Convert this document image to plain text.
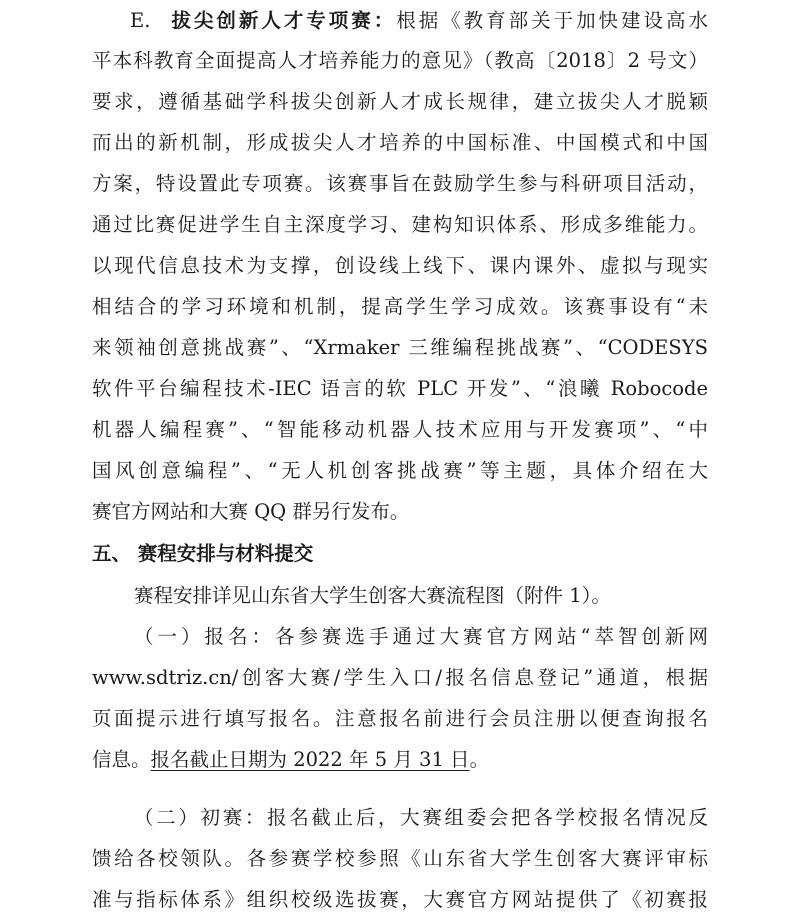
E. 拔尖创新人才专项赛：根据《教育部关于加快建设高水
平本科教育全面提高人才培养能力的意见》（教高〔2018〕2 号文）
要求，遵循基础学科拔尖创新人才成长规律，建立拔尖人才脱颖
而出的新机制，形成拔尖人才培养的中国标准、中国模式和中国
方案，特设置此专项赛。该赛事旨在鼓励学生参与科研项目活动，
通过比赛促进学生自主深度学习、建构知识体系、形成多维能力。
以现代信息技术为支撑，创设线上线下、课内课外、虚拟与现实
相结合的学习环境和机制，提高学生学习成效。该赛事设有“未
来领袖创意挑战赛”、“Xrmaker 三维编程挑战赛”、“CODESYS
软件平台编程技术-IEC 语言的软 PLC 开发”、“浪曦 Robocode
机器人编程赛”、“智能移动机器人技术应用与开发赛项”、“中
国风创意编程”、“无人机创客挑战赛”等主题，具体介绍在大
赛官方网站和大赛 QQ 群另行发布。
五、 赛程安排与材料提交
赛程安排详见山东省大学生创客大赛流程图（附件 1）。
（一）报名：各参赛选手通过大赛官方网站“萃智创新网
www.sdtriz.cn/创客大赛/学生入口/报名信息登记”通道，根据
页面提示进行填写报名。注意报名前进行会员注册以便查询报名
信息。报名截止日期为 2022 年 5 月 31 日。
（二）初赛：报名截止后，大赛组委会把各学校报名情况反
馈给各校领队。各参赛学校参照《山东省大学生创客大赛评审标
准与指标体系》组织校级选拔赛，大赛官方网站提供了《初赛报
